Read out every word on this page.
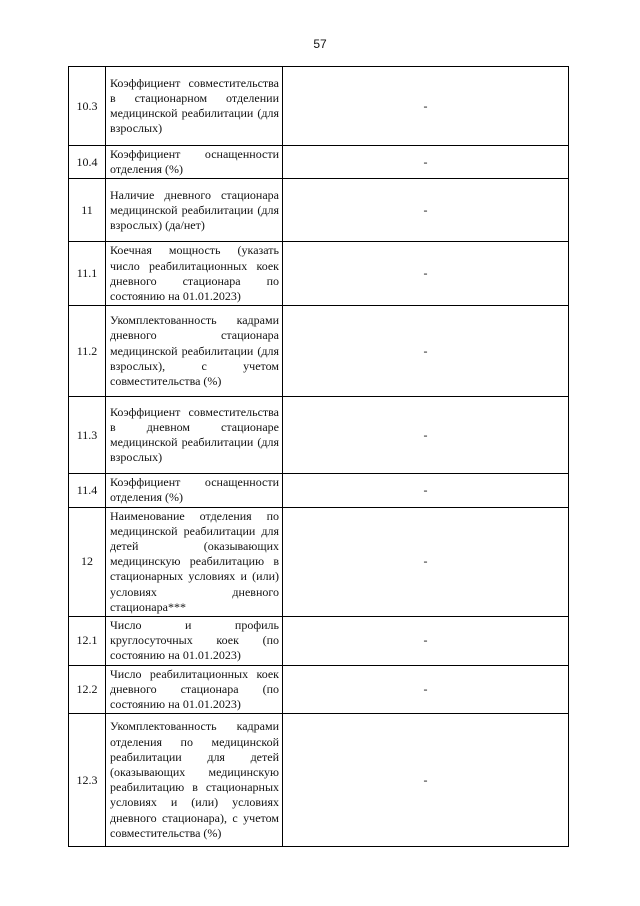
57
10.3	Коэффициент совместительства в стационарном отделении медицинской реабилитации (для взрослых)	-
10.4	Коэффициент оснащенности отделения (%)	-
11	Наличие дневного стационара медицинской реабилитации (для взрослых) (да/нет)	-
11.1	Коечная мощность (указать число реабилитационных коек дневного стационара по состоянию на 01.01.2023)	-
11.2	Укомплектованность кадрами дневного стационара медицинской реабилитации (для взрослых), с учетом совместительства (%)	-
11.3	Коэффициент совместительства в дневном стационаре медицинской реабилитации (для взрослых)	-
11.4	Коэффициент оснащенности отделения (%)	-
12	Наименование отделения по медицинской реабилитации для детей (оказывающих медицинскую реабилитацию в стационарных условиях и (или) условиях дневного стационара***	-
12.1	Число и профиль круглосуточных коек (по состоянию на 01.01.2023)	-
12.2	Число реабилитационных коек дневного стационара (по состоянию на 01.01.2023)	-
12.3	Укомплектованность кадрами отделения по медицинской реабилитации для детей (оказывающих медицинскую реабилитацию в стационарных условиях и (или) условиях дневного стационара), с учетом совместительства (%)	-
